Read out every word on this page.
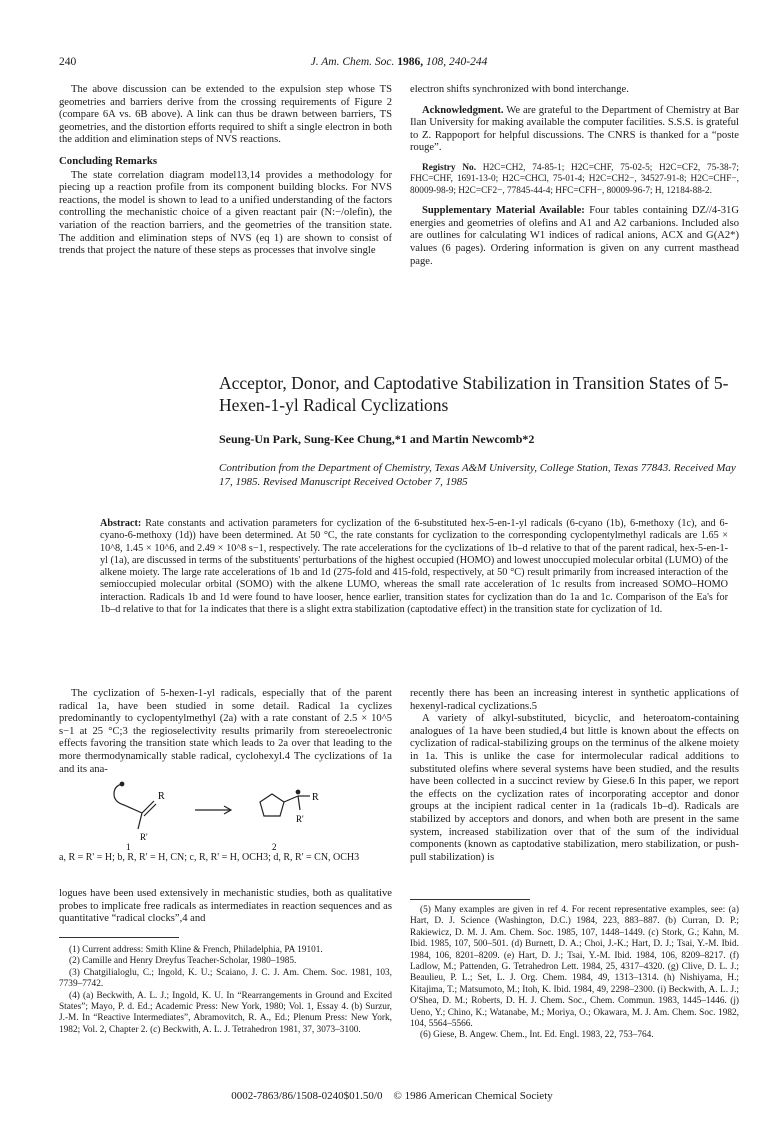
240	J. Am. Chem. Soc. 1986, 108, 240-244

The above discussion can be extended to the expulsion step whose TS geometries and barriers derive from the crossing requirements of Figure 2 (compare 6A vs. 6B above). A link can thus be drawn between barriers, TS geometries, and the distortion efforts required to shift a single electron in both the addition and elimination steps of NVS reactions.

Concluding Remarks

The state correlation diagram model13,14 provides a methodology for piecing up a reaction profile from its component building blocks. For NVS reactions, the model is shown to lead to a unified understanding of the factors controlling the mechanistic choice of a given reactant pair (N:−/olefin), the variation of the reaction barriers, and the geometries of the transition state. The addition and elimination steps of NVS (eq 1) are shown to consist of trends that project the nature of these steps as processes that involve single

electron shifts synchronized with bond interchange.

Acknowledgment. We are grateful to the Department of Chemistry at Bar Ilan University for making available the computer facilities. S.S.S. is grateful to Z. Rappoport for helpful discussions. The CNRS is thanked for a “poste rouge”.

Registry No. H2C=CH2, 74-85-1; H2C=CHF, 75-02-5; H2C=CF2, 75-38-7; FHC=CHF, 1691-13-0; H2C=CHCl, 75-01-4; H2C=CH2−, 34527-91-8; H2C=CHF−, 80009-98-9; H2C=CF2−, 77845-44-4; HFC=CFH−, 80009-96-7; H, 12184-88-2.

Supplementary Material Available: Four tables containing DZ//4-31G energies and geometries of olefins and A1 and A2 carbanions. Included also are outlines for calculating W1 indices of radical anions, ACX and G(A2*) values (6 pages). Ordering information is given on any current masthead page.

Acceptor, Donor, and Captodative Stabilization in Transition States of 5-Hexen-1-yl Radical Cyclizations
Seung-Un Park, Sung-Kee Chung,*1 and Martin Newcomb*2
Contribution from the Department of Chemistry, Texas A&M University, College Station, Texas 77843. Received May 17, 1985. Revised Manuscript Received October 7, 1985
Abstract: Rate constants and activation parameters for cyclization of the 6-substituted hex-5-en-1-yl radicals (6-cyano (1b), 6-methoxy (1c), and 6-cyano-6-methoxy (1d)) have been determined. At 50 °C, the rate constants for cyclization to the corresponding cyclopentylmethyl radicals are 1.65 × 10^8, 1.45 × 10^6, and 2.49 × 10^8 s−1, respectively. The rate accelerations for the cyclizations of 1b–d relative to that of the parent radical, hex-5-en-1-yl (1a), are discussed in terms of the substituents' perturbations of the highest occupied (HOMO) and lowest unoccupied molecular orbital (LUMO) of the alkene moiety. The large rate accelerations of 1b and 1d (275-fold and 415-fold, respectively, at 50 °C) result primarily from increased interaction of the semioccupied molecular orbital (SOMO) with the alkene LUMO, whereas the small rate acceleration of 1c results from increased SOMO–HOMO interaction. Radicals 1b and 1d were found to have looser, hence earlier, transition states for cyclization than do 1a and 1c. Comparison of the Ea's for 1b–d relative to that for 1a indicates that there is a slight extra stabilization (captodative effect) in the transition state for cyclization of 1d.

The cyclization of 5-hexen-1-yl radicals, especially that of the parent radical 1a, have been studied in some detail. Radical 1a cyclizes predominantly to cyclopentylmethyl (2a) with a rate constant of 2.5 × 10^5 s−1 at 25 °C;3 the regioselectivity results primarily from stereoelectronic effects favoring the transition state which leads to 2a over that leading to the more thermodynamically stable radical, cyclohexyl.4 The cyclizations of 1a and its ana-

R
R'
1
R
R'
2
a, R = R' = H; b, R, R' = H, CN; c, R, R' = H, OCH3; d, R, R' = CN, OCH3

logues have been used extensively in mechanistic studies, both as qualitative probes to implicate free radicals as intermediates in reaction sequences and as quantitative “radical clocks”,4 and

(1) Current address: Smith Kline & French, Philadelphia, PA 19101.

(2) Camille and Henry Dreyfus Teacher-Scholar, 1980–1985.

(3) Chatgilialoglu, C.; Ingold, K. U.; Scaiano, J. C. J. Am. Chem. Soc. 1981, 103, 7739–7742.

(4) (a) Beckwith, A. L. J.; Ingold, K. U. In “Rearrangements in Ground and Excited States”; Mayo, P. d. Ed.; Academic Press: New York, 1980; Vol. 1, Essay 4. (b) Surzur, J.-M. In “Reactive Intermediates”, Abramovitch, R. A., Ed.; Plenum Press: New York, 1982; Vol. 2, Chapter 2. (c) Beckwith, A. L. J. Tetrahedron 1981, 37, 3073–3100.

recently there has been an increasing interest in synthetic applications of hexenyl-radical cyclizations.5

A variety of alkyl-substituted, bicyclic, and heteroatom-containing analogues of 1a have been studied,4 but little is known about the effects on cyclization of radical-stabilizing groups on the terminus of the alkene moiety in 1a. This is unlike the case for intermolecular radical additions to substituted olefins where several systems have been studied, and the results have been collected in a succinct review by Giese.6 In this paper, we report the effects on the cyclization rates of incorporating acceptor and donor groups at the incipient radical center in 1a (radicals 1b–d). Radicals are stabilized by acceptors and donors, and when both are present in the same system, increased stabilization over that of the sum of the individual components (known as captodative stabilization, mero stabilization, or push-pull stabilization) is

(5) Many examples are given in ref 4. For recent representative examples, see: (a) Hart, D. J. Science (Washington, D.C.) 1984, 223, 883–887. (b) Curran, D. P.; Rakiewicz, D. M. J. Am. Chem. Soc. 1985, 107, 1448–1449. (c) Stork, G.; Kahn, M. Ibid. 1985, 107, 500–501. (d) Burnett, D. A.; Choi, J.-K.; Hart, D. J.; Tsai, Y.-M. Ibid. 1984, 106, 8201–8209. (e) Hart, D. J.; Tsai, Y.-M. Ibid. 1984, 106, 8209–8217. (f) Ladlow, M.; Pattenden, G. Tetrahedron Lett. 1984, 25, 4317–4320. (g) Clive, D. L. J.; Beaulieu, P. L.; Set, L. J. Org. Chem. 1984, 49, 1313–1314. (h) Nishiyama, H.; Kitajima, T.; Matsumoto, M.; Itoh, K. Ibid. 1984, 49, 2298–2300. (i) Beckwith, A. L. J.; O'Shea, D. M.; Roberts, D. H. J. Chem. Soc., Chem. Commun. 1983, 1445–1446. (j) Ueno, Y.; Chino, K.; Watanabe, M.; Moriya, O.; Okawara, M. J. Am. Chem. Soc. 1982, 104, 5564–5566.

(6) Giese, B. Angew. Chem., Int. Ed. Engl. 1983, 22, 753–764.

0002-7863/86/1508-0240$01.50/0 © 1986 American Chemical Society
